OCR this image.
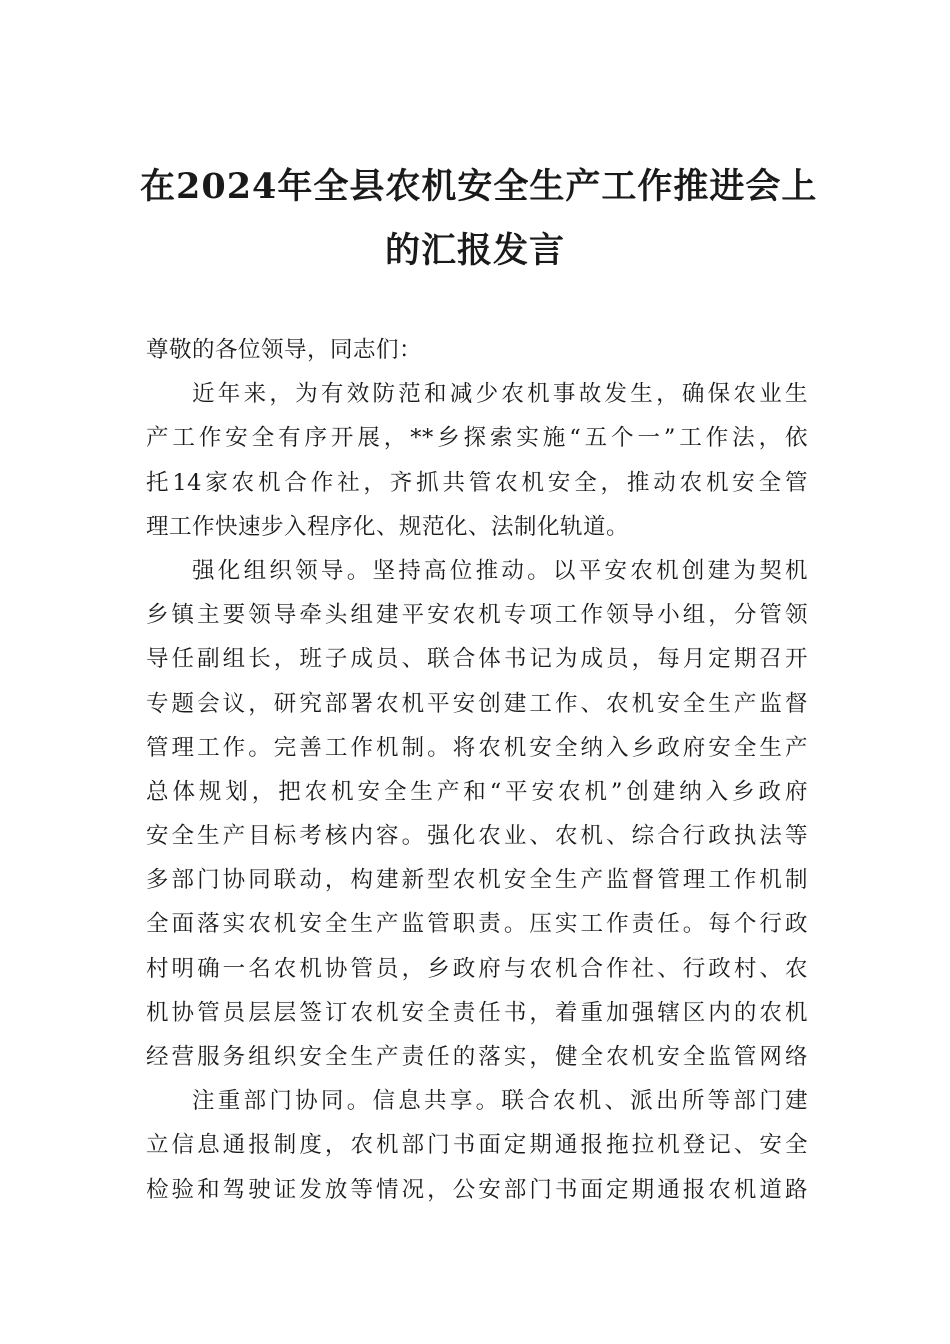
在2024年全县农机安全生产工作推进会上
的汇报发言
尊敬的各位领导，同志们：
近年来，为有效防范和减少农机事故发生，确保农业生
产工作安全有序开展，**乡探索实施“五个一”工作法，依
托14家农机合作社，齐抓共管农机安全，推动农机安全管
理工作快速步入程序化、规范化、法制化轨道。
强化组织领导。坚持高位推动。以平安农机创建为契机
乡镇主要领导牵头组建平安农机专项工作领导小组，分管领
导任副组长，班子成员、联合体书记为成员，每月定期召开
专题会议，研究部署农机平安创建工作、农机安全生产监督
管理工作。完善工作机制。将农机安全纳入乡政府安全生产
总体规划，把农机安全生产和“平安农机”创建纳入乡政府
安全生产目标考核内容。强化农业、农机、综合行政执法等
多部门协同联动，构建新型农机安全生产监督管理工作机制
全面落实农机安全生产监管职责。压实工作责任。每个行政
村明确一名农机协管员，乡政府与农机合作社、行政村、农
机协管员层层签订农机安全责任书，着重加强辖区内的农机
经营服务组织安全生产责任的落实，健全农机安全监管网络
注重部门协同。信息共享。联合农机、派出所等部门建
立信息通报制度，农机部门书面定期通报拖拉机登记、安全
检验和驾驶证发放等情况，公安部门书面定期通报农机道路
